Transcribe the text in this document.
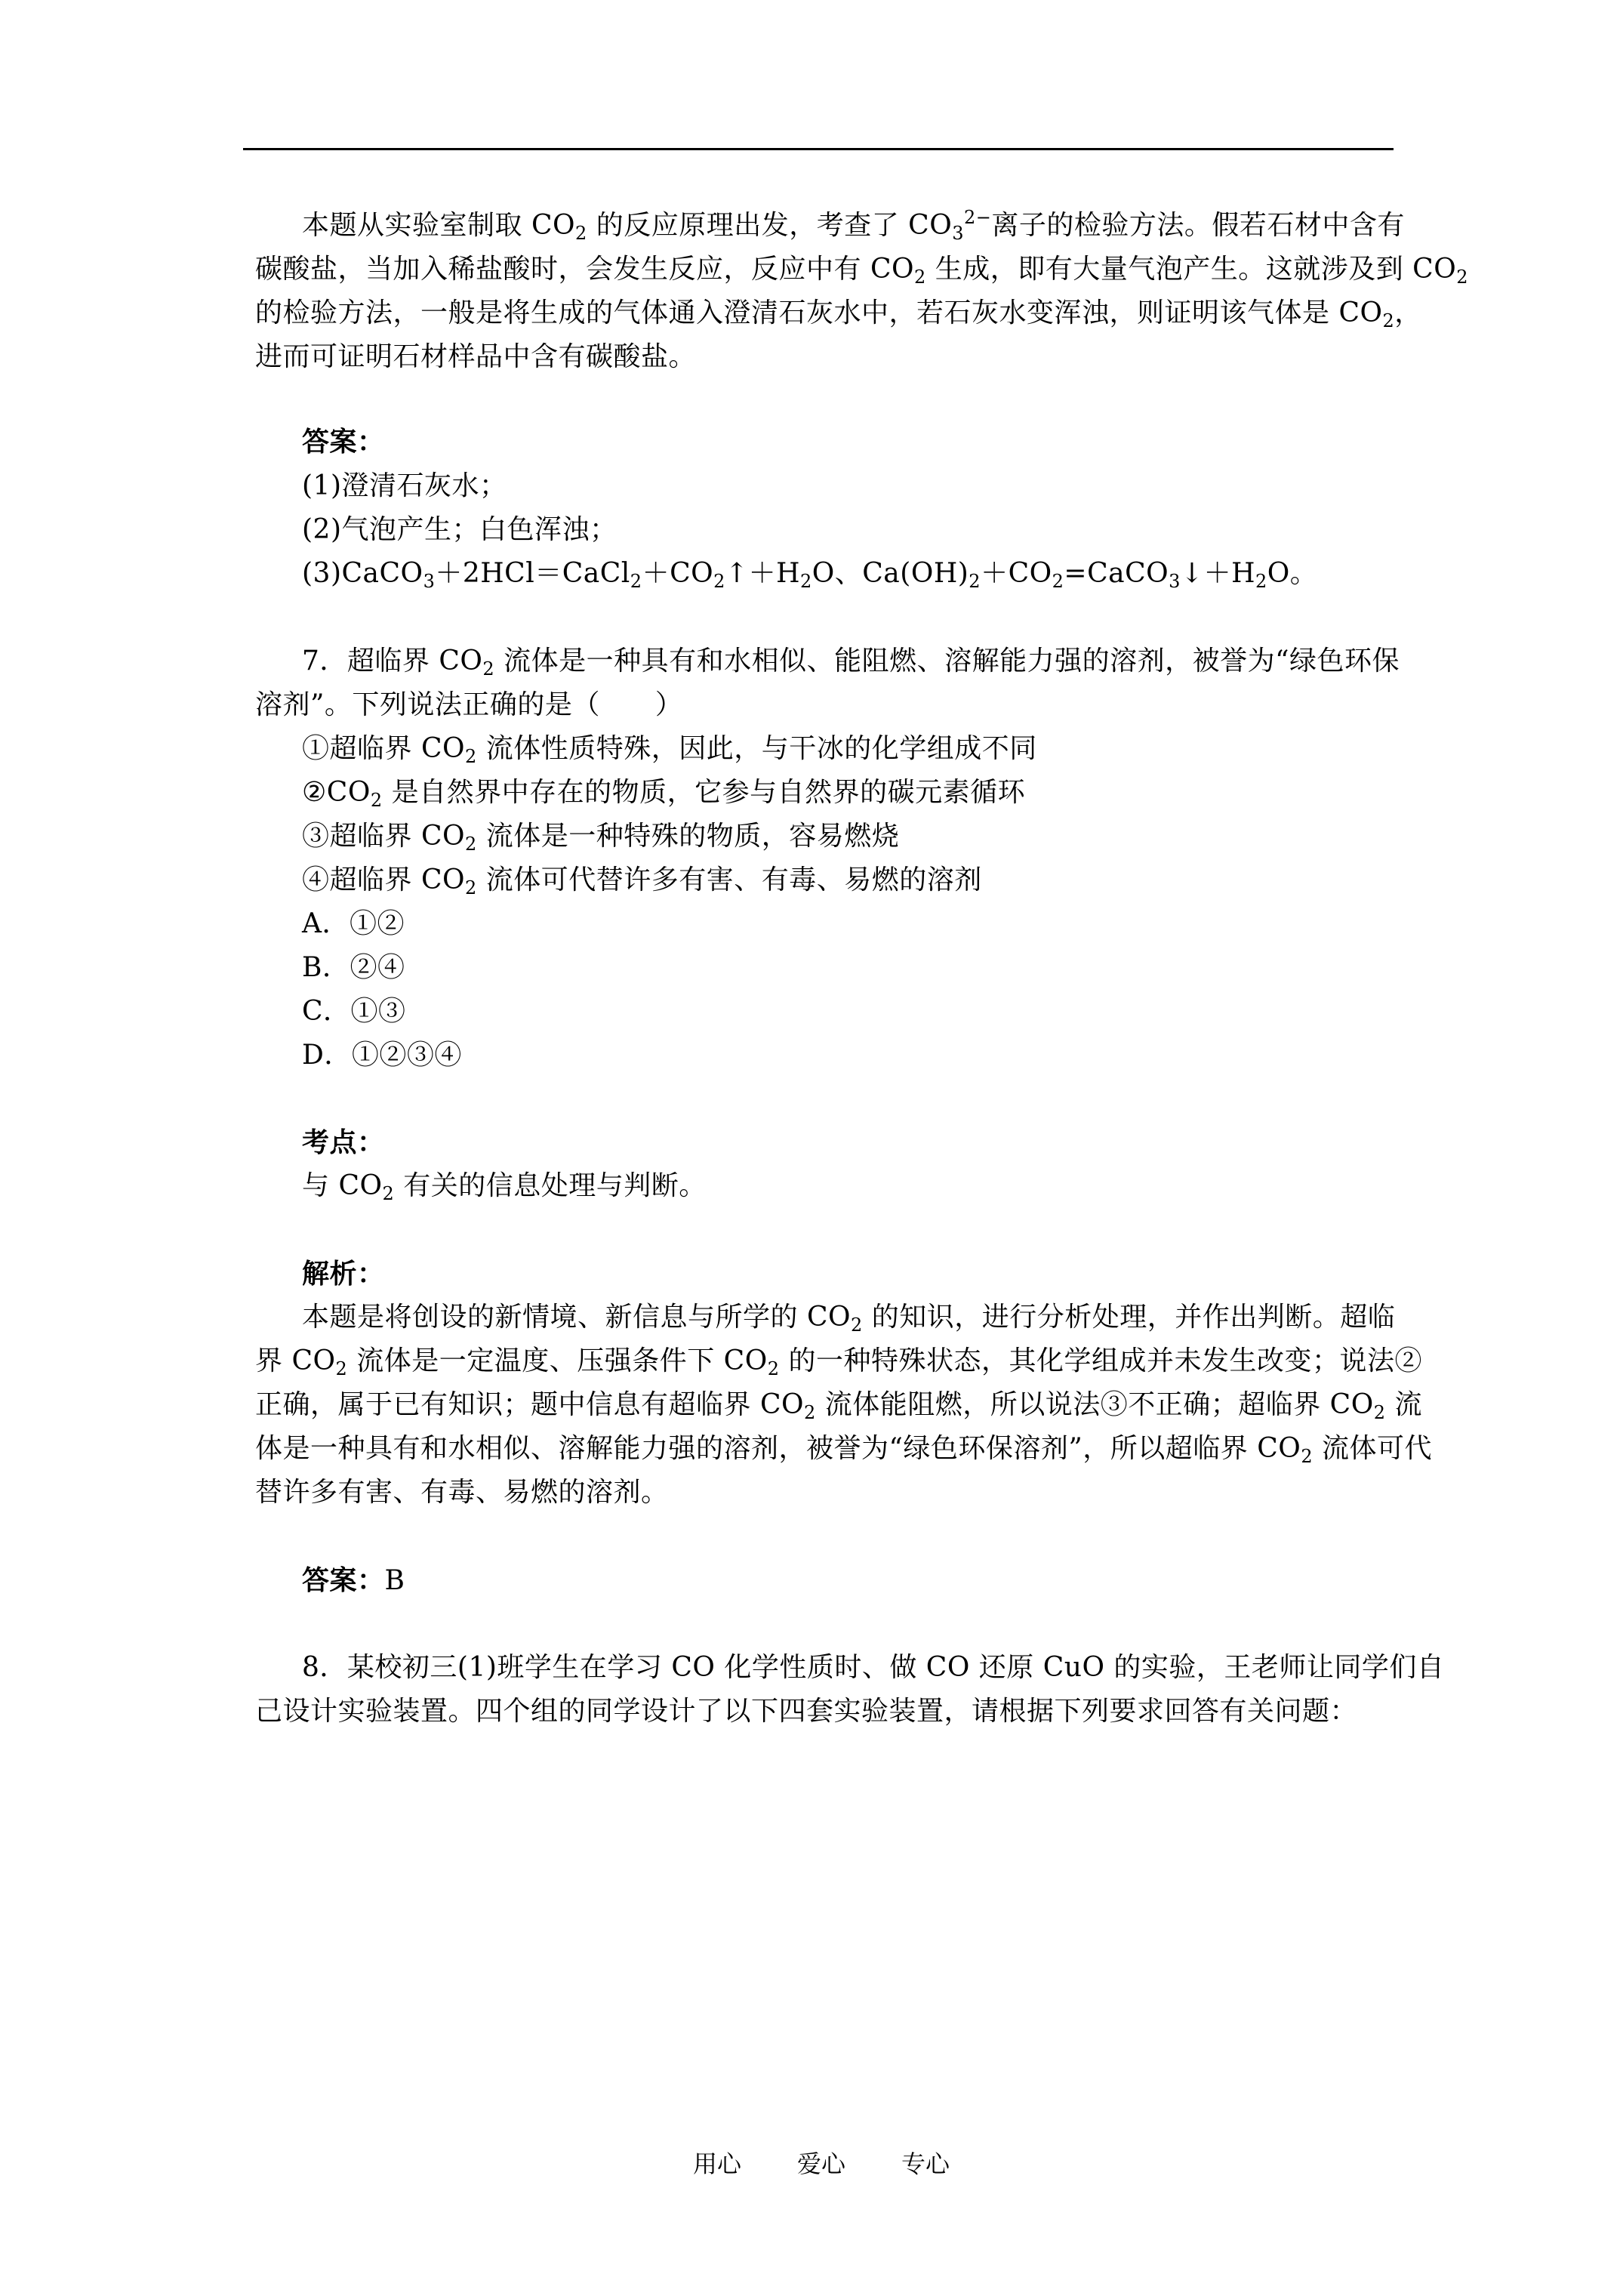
本题从实验室制取 $CO_2$ 的反应原理出发，考查了 $CO_3^{2-}$离子的检验方法。假若石材中含有
碳酸盐，当加入稀盐酸时，会发生反应，反应中有 $CO_2$ 生成，即有大量气泡产生。这就涉及到 $CO_2$
的检验方法，一般是将生成的气体通入澄清石灰水中，若石灰水变浑浊，则证明该气体是 $CO_2$，
进而可证明石材样品中含有碳酸盐。
答案：
(1)澄清石灰水；
(2)气泡产生；白色浑浊；
$(3)CaCO_3+2HCl=CaCl_2+CO_2↑+H_2O$、$Ca(OH)_2+CO_2=CaCO_3↓+H_2O$。
7．超临界 $CO_2$ 流体是一种具有和水相似、能阻燃、溶解能力强的溶剂，被誉为“绿色环保
溶剂”。下列说法正确的是（　　）
①超临界 $CO_2$ 流体性质特殊，因此，与干冰的化学组成不同
$②CO_2$ 是自然界中存在的物质，它参与自然界的碳元素循环
③超临界 $CO_2$ 流体是一种特殊的物质，容易燃烧
④超临界 $CO_2$ 流体可代替许多有害、有毒、易燃的溶剂
A．①②
B．②④
C．①③
D．①②③④
考点：
与 $CO_2$ 有关的信息处理与判断。
解析：
本题是将创设的新情境、新信息与所学的 $CO_2$ 的知识，进行分析处理，并作出判断。超临
界 $CO_2$ 流体是一定温度、压强条件下 $CO_2$ 的一种特殊状态，其化学组成并未发生改变；说法②
正确，属于已有知识；题中信息有超临界 $CO_2$ 流体能阻燃，所以说法③不正确；超临界 $CO_2$ 流
体是一种具有和水相似、溶解能力强的溶剂，被誉为“绿色环保溶剂”，所以超临界 $CO_2$ 流体可代
替许多有害、有毒、易燃的溶剂。
答案：B
8．某校初三(1)班学生在学习 CO 化学性质时、做 CO 还原 CuO 的实验，王老师让同学们自
己设计实验装置。四个组的同学设计了以下四套实验装置，请根据下列要求回答有关问题：
用心 爱心 专心
